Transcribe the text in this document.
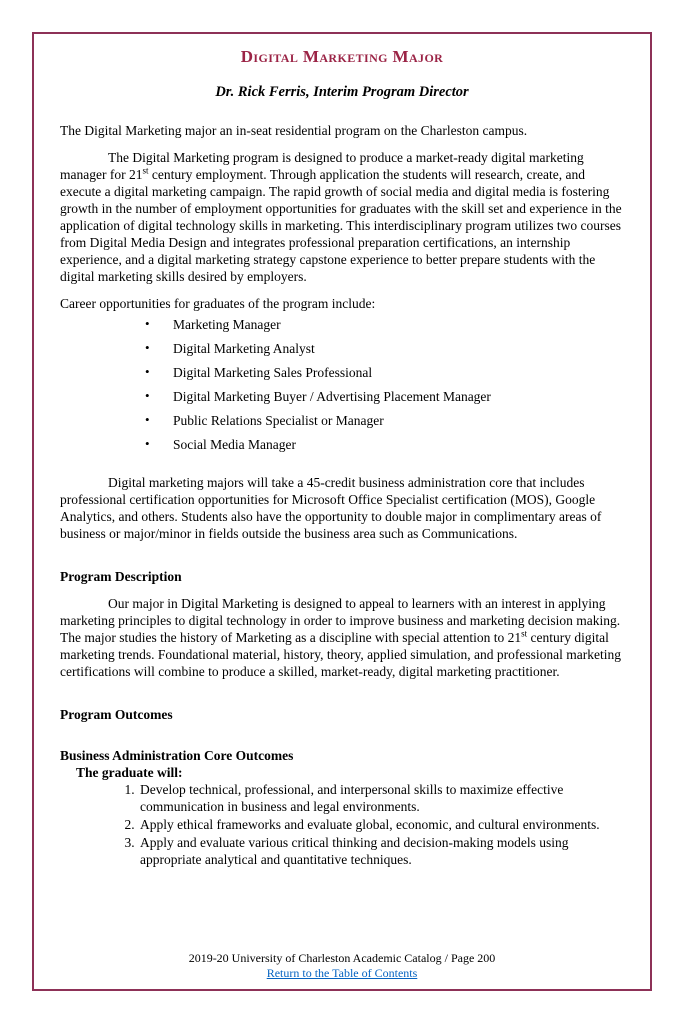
Digital Marketing Major
Dr. Rick Ferris, Interim Program Director

The Digital Marketing major an in-seat residential program on the Charleston campus.

The Digital Marketing program is designed to produce a market-ready digital marketing manager for 21st century employment. Through application the students will research, create, and execute a digital marketing campaign. The rapid growth of social media and digital media is fostering growth in the number of employment opportunities for graduates with the skill set and experience in the application of digital technology skills in marketing. This interdisciplinary program utilizes two courses from Digital Media Design and integrates professional preparation certifications, an internship experience, and a digital marketing strategy capstone experience to better prepare students with the digital marketing skills desired by employers.

Career opportunities for graduates of the program include:

• Marketing Manager
• Digital Marketing Analyst
• Digital Marketing Sales Professional
• Digital Marketing Buyer / Advertising Placement Manager
• Public Relations Specialist or Manager
• Social Media Manager

Digital marketing majors will take a 45-credit business administration core that includes professional certification opportunities for Microsoft Office Specialist certification (MOS), Google Analytics, and others. Students also have the opportunity to double major in complimentary areas of business or major/minor in fields outside the business area such as Communications.

Program Description

Our major in Digital Marketing is designed to appeal to learners with an interest in applying marketing principles to digital technology in order to improve business and marketing decision making. The major studies the history of Marketing as a discipline with special attention to 21st century digital marketing trends. Foundational material, history, theory, applied simulation, and professional marketing certifications will combine to produce a skilled, market-ready, digital marketing practitioner.

Program Outcomes
Business Administration Core Outcomes
The graduate will:
1. Develop technical, professional, and interpersonal skills to maximize effective communication in business and legal environments.
2. Apply ethical frameworks and evaluate global, economic, and cultural environments.
3. Apply and evaluate various critical thinking and decision-making models using appropriate analytical and quantitative techniques.
2019-20 University of Charleston Academic Catalog / Page 200
Return to the Table of Contents
